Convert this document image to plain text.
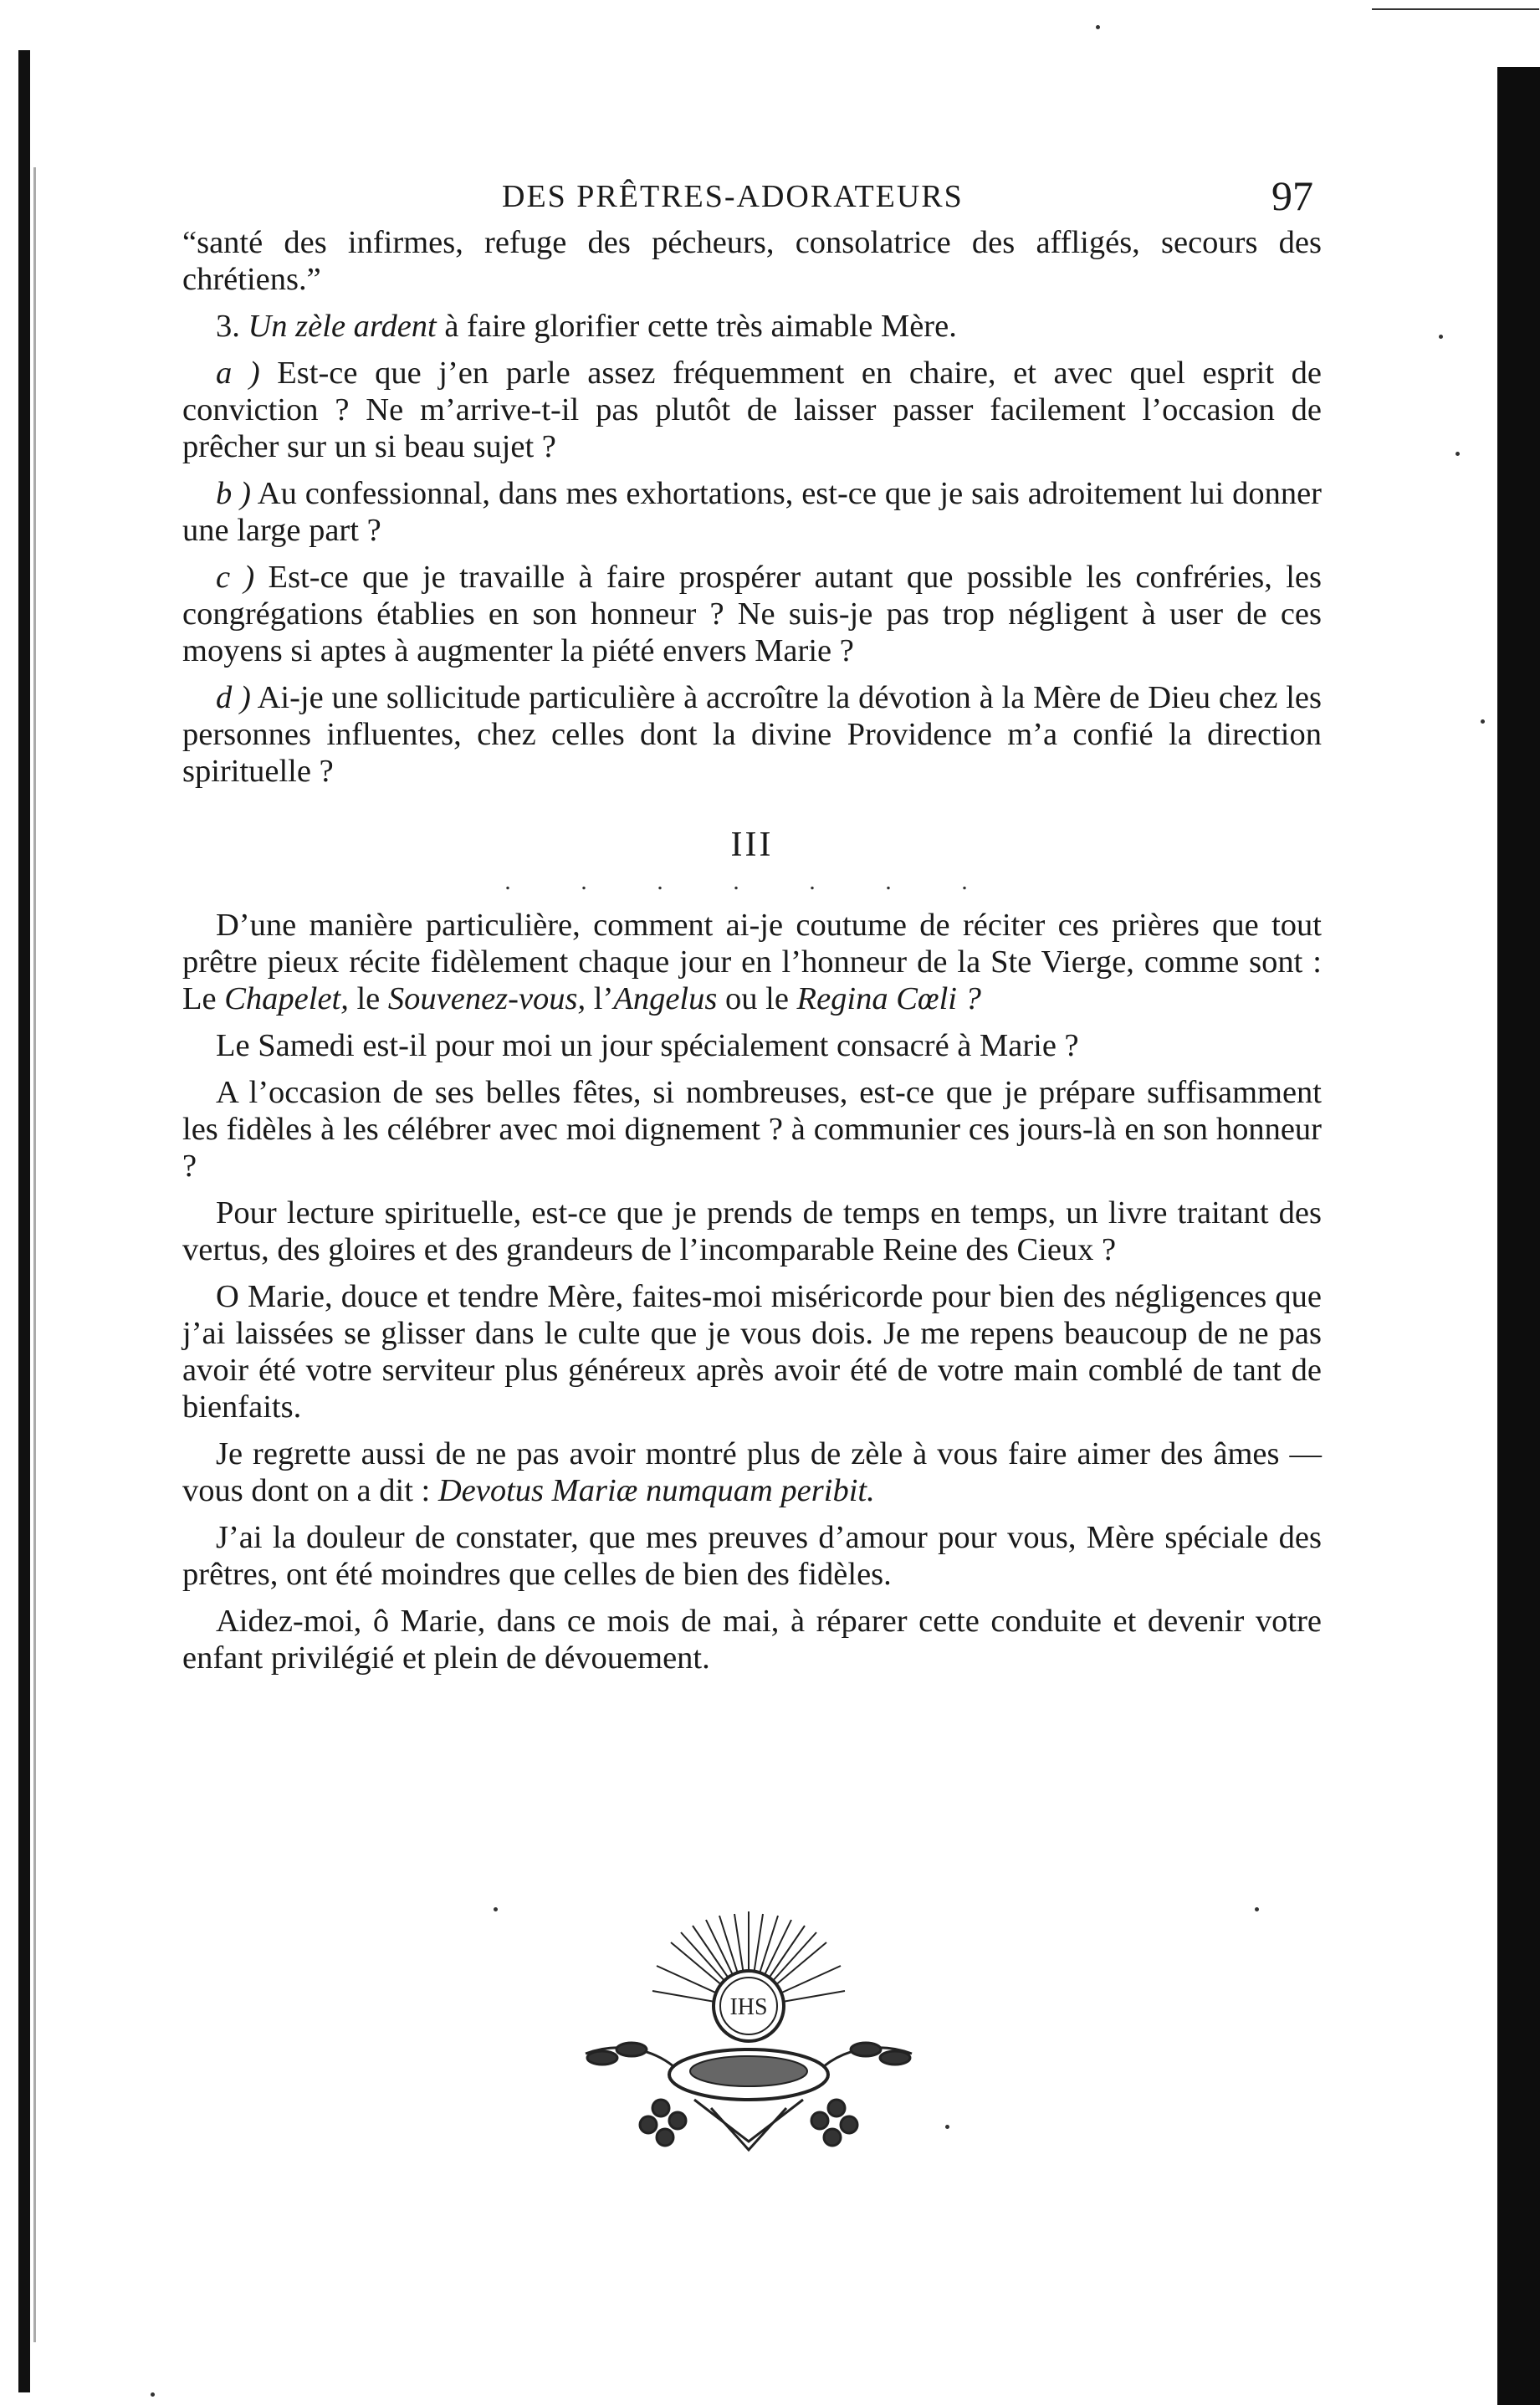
DES PRÊTRES-ADORATEURS	97

“santé des infirmes, refuge des pécheurs, consolatrice des affligés, secours des chrétiens.”

3. Un zèle ardent à faire glorifier cette très aimable Mère.

a ) Est-ce que j’en parle assez fréquemment en chaire, et avec quel esprit de conviction ? Ne m’arrive-t-il pas plutôt de laisser passer facilement l’occasion de prêcher sur un si beau sujet ?

b ) Au confessionnal, dans mes exhortations, est-ce que je sais adroitement lui donner une large part ?

c ) Est-ce que je travaille à faire prospérer autant que possible les confréries, les congrégations établies en son honneur ? Ne suis-je pas trop négligent à user de ces moyens si aptes à augmenter la piété envers Marie ?

d ) Ai-je une sollicitude particulière à accroître la dévotion à la Mère de Dieu chez les personnes influentes, chez celles dont la divine Providence m’a confié la direction spirituelle ?

III
. . . . . . .

D’une manière particulière, comment ai-je coutume de réciter ces prières que tout prêtre pieux récite fidèlement chaque jour en l’honneur de la Ste Vierge, comme sont : Le Chapelet, le Souvenez-vous, l’Angelus ou le Regina Cœli ?

Le Samedi est-il pour moi un jour spécialement consacré à Marie ?

A l’occasion de ses belles fêtes, si nombreuses, est-ce que je prépare suffisamment les fidèles à les célébrer avec moi dignement ? à communier ces jours-là en son honneur ?

Pour lecture spirituelle, est-ce que je prends de temps en temps, un livre traitant des vertus, des gloires et des grandeurs de l’incomparable Reine des Cieux ?

O Marie, douce et tendre Mère, faites-moi miséricorde pour bien des négligences que j’ai laissées se glisser dans le culte que je vous dois. Je me repens beaucoup de ne pas avoir été votre serviteur plus généreux après avoir été de votre main comblé de tant de bienfaits.

Je regrette aussi de ne pas avoir montré plus de zèle à vous faire aimer des âmes — vous dont on a dit : Devotus Mariæ numquam peribit.

J’ai la douleur de constater, que mes preuves d’amour pour vous, Mère spéciale des prêtres, ont été moindres que celles de bien des fidèles.

Aidez-moi, ô Marie, dans ce mois de mai, à réparer cette conduite et devenir votre enfant privilégié et plein de dévouement.

IHS
